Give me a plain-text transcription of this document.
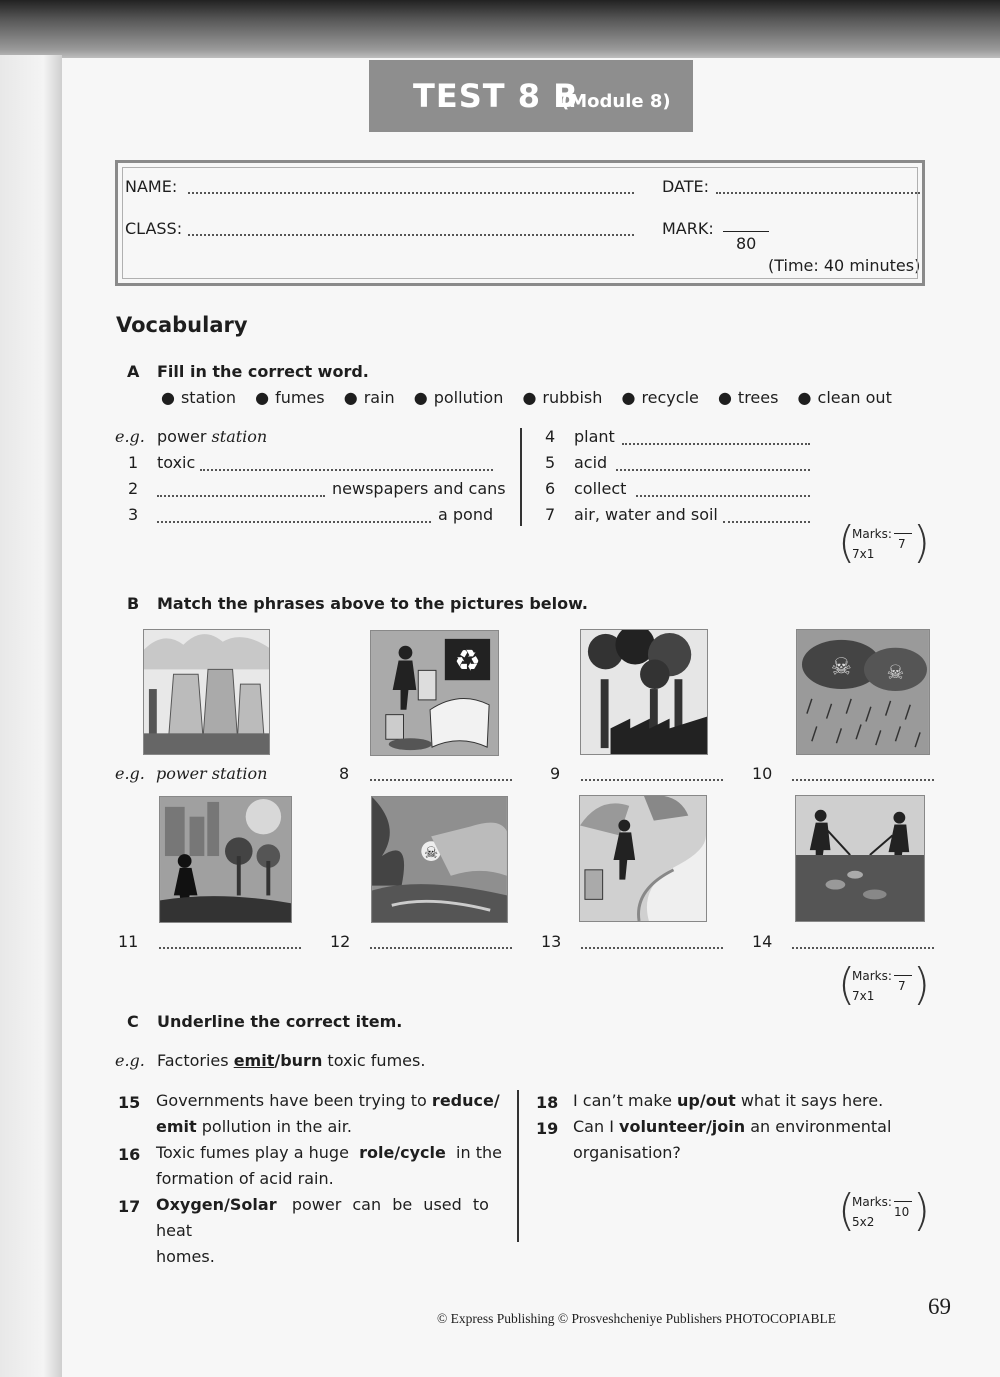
TEST 8 B
(Module 8)
NAME:	DATE:
CLASS:	MARK:
80
(Time: 40 minutes)
Vocabulary
A Fill in the correct word.
● station ● fumes ● rain ● pollution ● rubbish ● recycle ● trees ● clean out
e.g. power station
1 toxic
2	newspapers and cans
3	a pond
4 plant
5 acid
6 collect
7 air, water and soil
( )
Marks:
7x1
7
B Match the phrases above to the pictures below.
♻	☠ ☠
e.g. power station	8	9	10
☠
11	12	13	14
( )
Marks:
7x1
7
C Underline the correct item.
e.g. Factories emit/burn toxic fumes.
15 Governments have been trying to reduce/
emit pollution in the air.
16 Toxic fumes play a huge role/cycle in the
formation of acid rain.
17 Oxygen/Solar power can be used to heat
homes.
18 I can’t make up/out what it says here.
19 Can I volunteer/join an environmental
organisation?
( )
Marks:
5x2
10
© Express Publishing © Prosveshcheniye Publishers PHOTOCOPIABLE	69
